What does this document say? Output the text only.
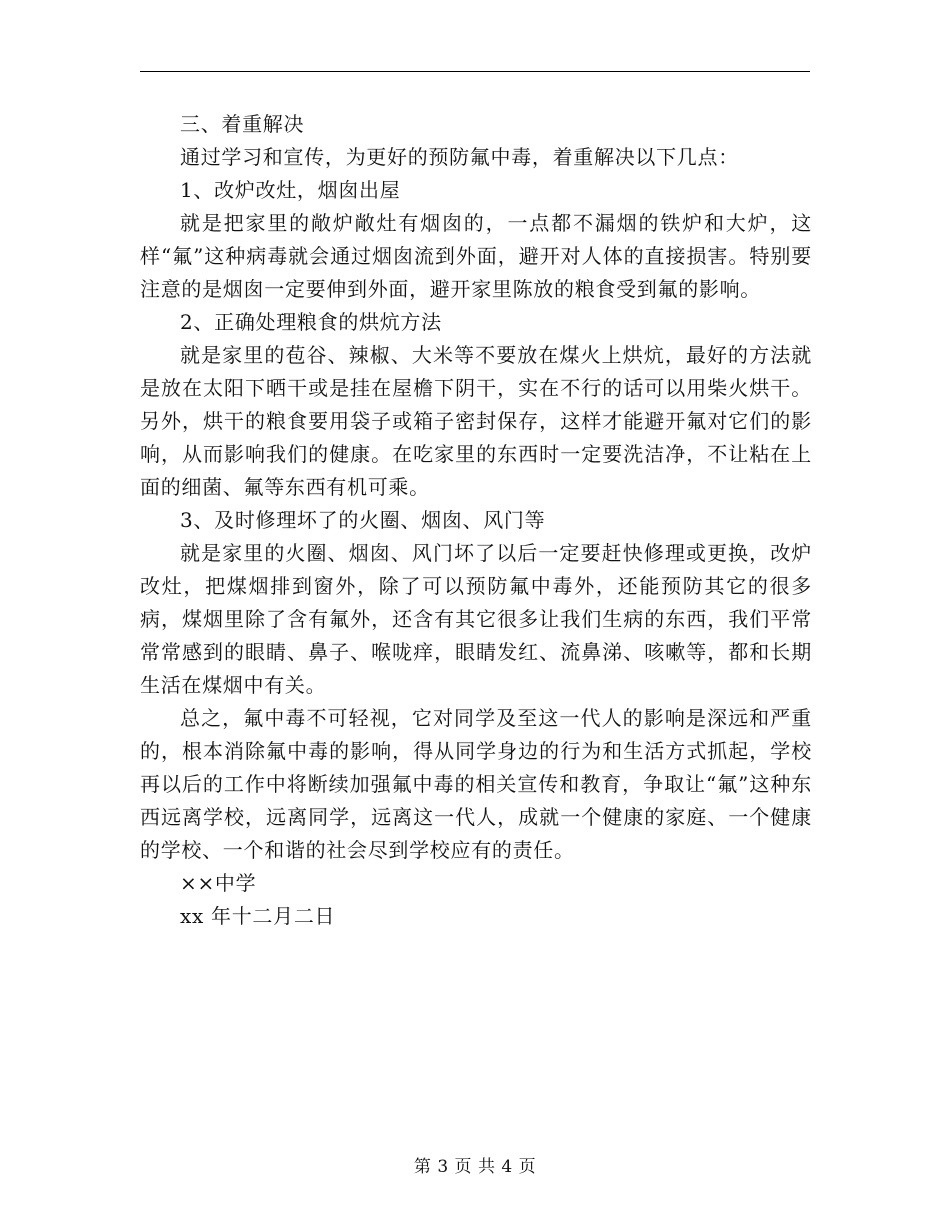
三、着重解决

通过学习和宣传，为更好的预防氟中毒，着重解决以下几点：

1、改炉改灶，烟囱出屋

就是把家里的敞炉敞灶有烟囱的，一点都不漏烟的铁炉和大炉，这样“氟”这种病毒就会通过烟囱流到外面，避开对人体的直接损害。特别要注意的是烟囱一定要伸到外面，避开家里陈放的粮食受到氟的影响。

2、正确处理粮食的烘炕方法

就是家里的苞谷、辣椒、大米等不要放在煤火上烘炕，最好的方法就是放在太阳下晒干或是挂在屋檐下阴干，实在不行的话可以用柴火烘干。另外，烘干的粮食要用袋子或箱子密封保存，这样才能避开氟对它们的影响，从而影响我们的健康。在吃家里的东西时一定要洗洁净，不让粘在上面的细菌、氟等东西有机可乘。

3、及时修理坏了的火圈、烟囱、风门等

就是家里的火圈、烟囱、风门坏了以后一定要赶快修理或更换，改炉改灶，把煤烟排到窗外，除了可以预防氟中毒外，还能预防其它的很多病，煤烟里除了含有氟外，还含有其它很多让我们生病的东西，我们平常常常感到的眼睛、鼻子、喉咙痒，眼睛发红、流鼻涕、咳嗽等，都和长期生活在煤烟中有关。

总之，氟中毒不可轻视，它对同学及至这一代人的影响是深远和严重的，根本消除氟中毒的影响，得从同学身边的行为和生活方式抓起，学校再以后的工作中将断续加强氟中毒的相关宣传和教育，争取让“氟”这种东西远离学校，远离同学，远离这一代人，成就一个健康的家庭、一个健康的学校、一个和谐的社会尽到学校应有的责任。

××中学

xx 年十二月二日

第 3 页 共 4 页
